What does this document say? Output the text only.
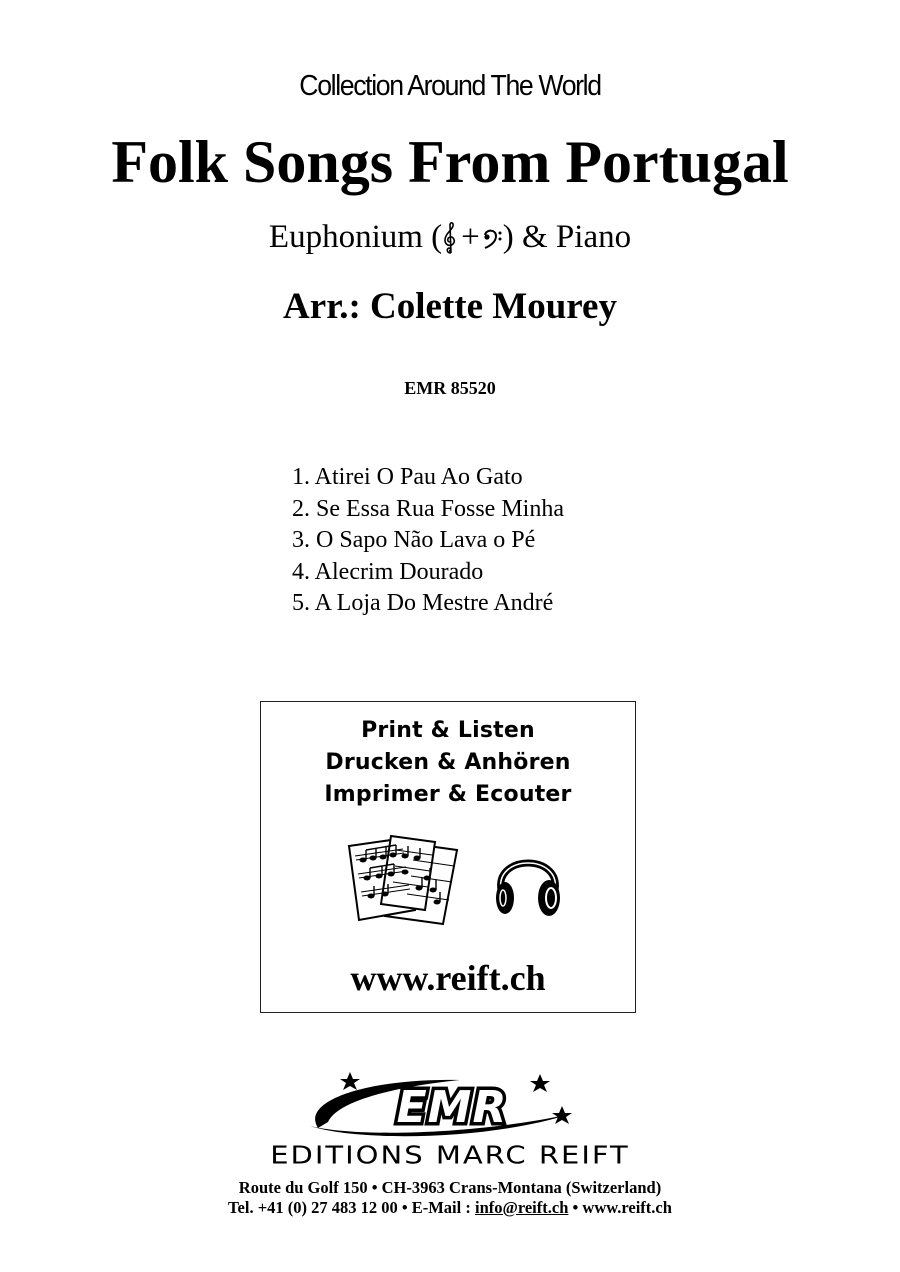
Collection Around The World
Folk Songs From Portugal
Euphonium ( + ) & Piano
Arr.: Colette Mourey
EMR 85520
1. Atirei O Pau Ao Gato
2. Se Essa Rua Fosse Minha
3. O Sapo Não Lava o Pé
4. Alecrim Dourado
5. A Loja Do Mestre André
Print & Listen
Drucken & Anhören
Imprimer & Ecouter
www.reift.ch
EMR
EDITIONS MARC REIFT
Route du Golf 150 • CH-3963 Crans-Montana (Switzerland)
Tel. +41 (0) 27 483 12 00 • E-Mail : info@reift.ch • www.reift.ch
